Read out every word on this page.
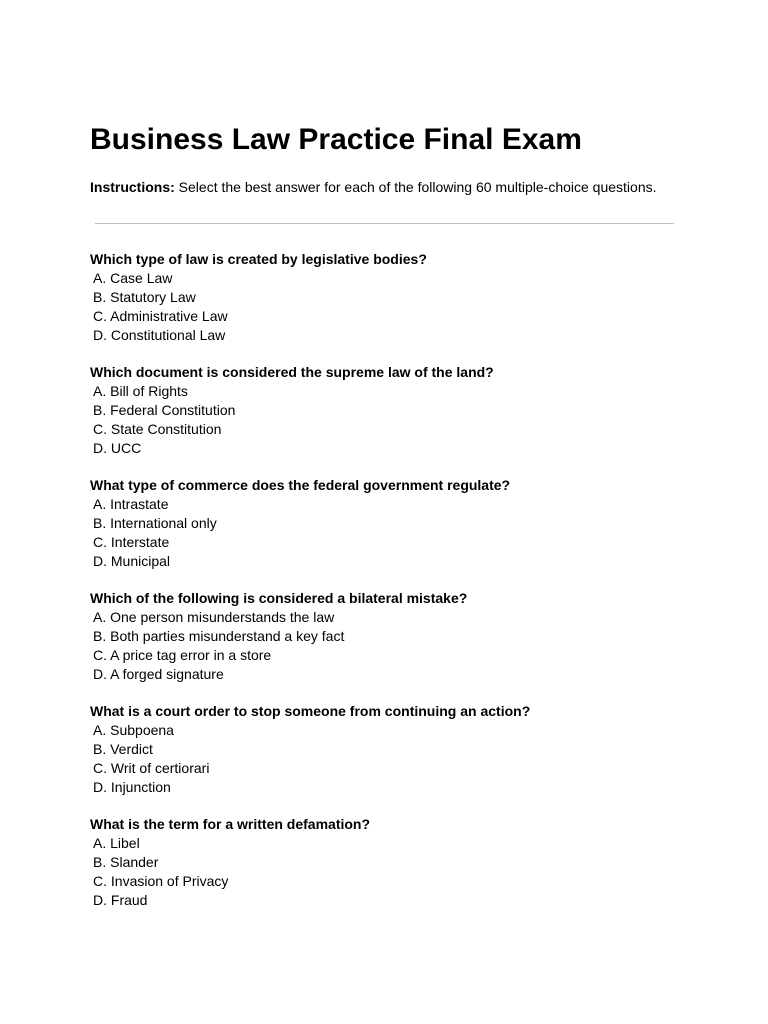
Business Law Practice Final Exam

Instructions: Select the best answer for each of the following 60 multiple-choice questions.

Which type of law is created by legislative bodies?

A. Case Law
B. Statutory Law
C. Administrative Law
D. Constitutional Law

Which document is considered the supreme law of the land?

A. Bill of Rights
B. Federal Constitution
C. State Constitution
D. UCC

What type of commerce does the federal government regulate?

A. Intrastate
B. International only
C. Interstate
D. Municipal

Which of the following is considered a bilateral mistake?

A. One person misunderstands the law
B. Both parties misunderstand a key fact
C. A price tag error in a store
D. A forged signature

What is a court order to stop someone from continuing an action?

A. Subpoena
B. Verdict
C. Writ of certiorari
D. Injunction

What is the term for a written defamation?

A. Libel
B. Slander
C. Invasion of Privacy
D. Fraud
